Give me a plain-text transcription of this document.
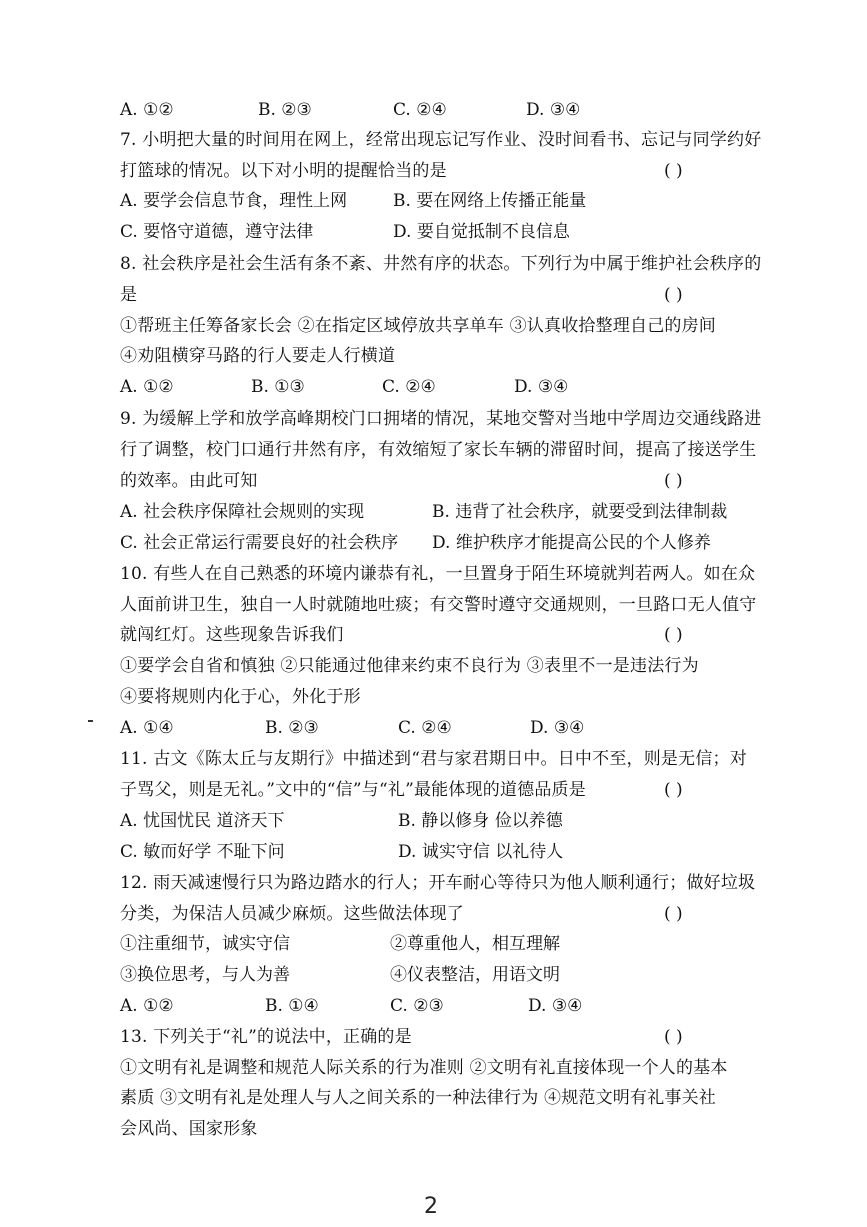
A. ①②	B. ②③	C. ②④	D. ③④
7. 小明把大量的时间用在网上，经常出现忘记写作业、没时间看书、忘记与同学约好
打篮球的情况。以下对小明的提醒恰当的是	( )
A. 要学会信息节食，理性上网	B. 要在网络上传播正能量
C. 要恪守道德，遵守法律	D. 要自觉抵制不良信息
8. 社会秩序是社会生活有条不紊、井然有序的状态。下列行为中属于维护社会秩序的
是	( )
①帮班主任筹备家长会 ②在指定区域停放共享单车 ③认真收拾整理自己的房间
④劝阻横穿马路的行人要走人行横道
A. ①②	B. ①③	C. ②④	D. ③④
9. 为缓解上学和放学高峰期校门口拥堵的情况，某地交警对当地中学周边交通线路进
行了调整，校门口通行井然有序，有效缩短了家长车辆的滞留时间，提高了接送学生
的效率。由此可知	( )
A. 社会秩序保障社会规则的实现	B. 违背了社会秩序，就要受到法律制裁
C. 社会正常运行需要良好的社会秩序 D. 维护秩序才能提高公民的个人修养
10. 有些人在自己熟悉的环境内谦恭有礼，一旦置身于陌生环境就判若两人。如在众
人面前讲卫生，独自一人时就随地吐痰；有交警时遵守交通规则，一旦路口无人值守
就闯红灯。这些现象告诉我们	( )
①要学会自省和慎独 ②只能通过他律来约束不良行为 ③表里不一是违法行为
④要将规则内化于心，外化于形
A. ①④	B. ②③	C. ②④	D. ③④
11. 古文《陈太丘与友期行》中描述到“君与家君期日中。日中不至，则是无信；对
子骂父，则是无礼。”文中的“信”与“礼”最能体现的道德品质是	( )
A. 忧国忧民 道济天下	B. 静以修身 俭以养德
C. 敏而好学 不耻下问	D. 诚实守信 以礼待人
12. 雨天减速慢行只为路边踏水的行人；开车耐心等待只为他人顺利通行；做好垃圾
分类，为保洁人员减少麻烦。这些做法体现了	( )
①注重细节，诚实守信	②尊重他人，相互理解
③换位思考，与人为善	④仪表整洁，用语文明
A. ①②	B. ①④	C. ②③	D. ③④
13. 下列关于“礼”的说法中，正确的是	( )
①文明有礼是调整和规范人际关系的行为准则 ②文明有礼直接体现一个人的基本
素质 ③文明有礼是处理人与人之间关系的一种法律行为 ④规范文明有礼事关社
会风尚、国家形象
2
